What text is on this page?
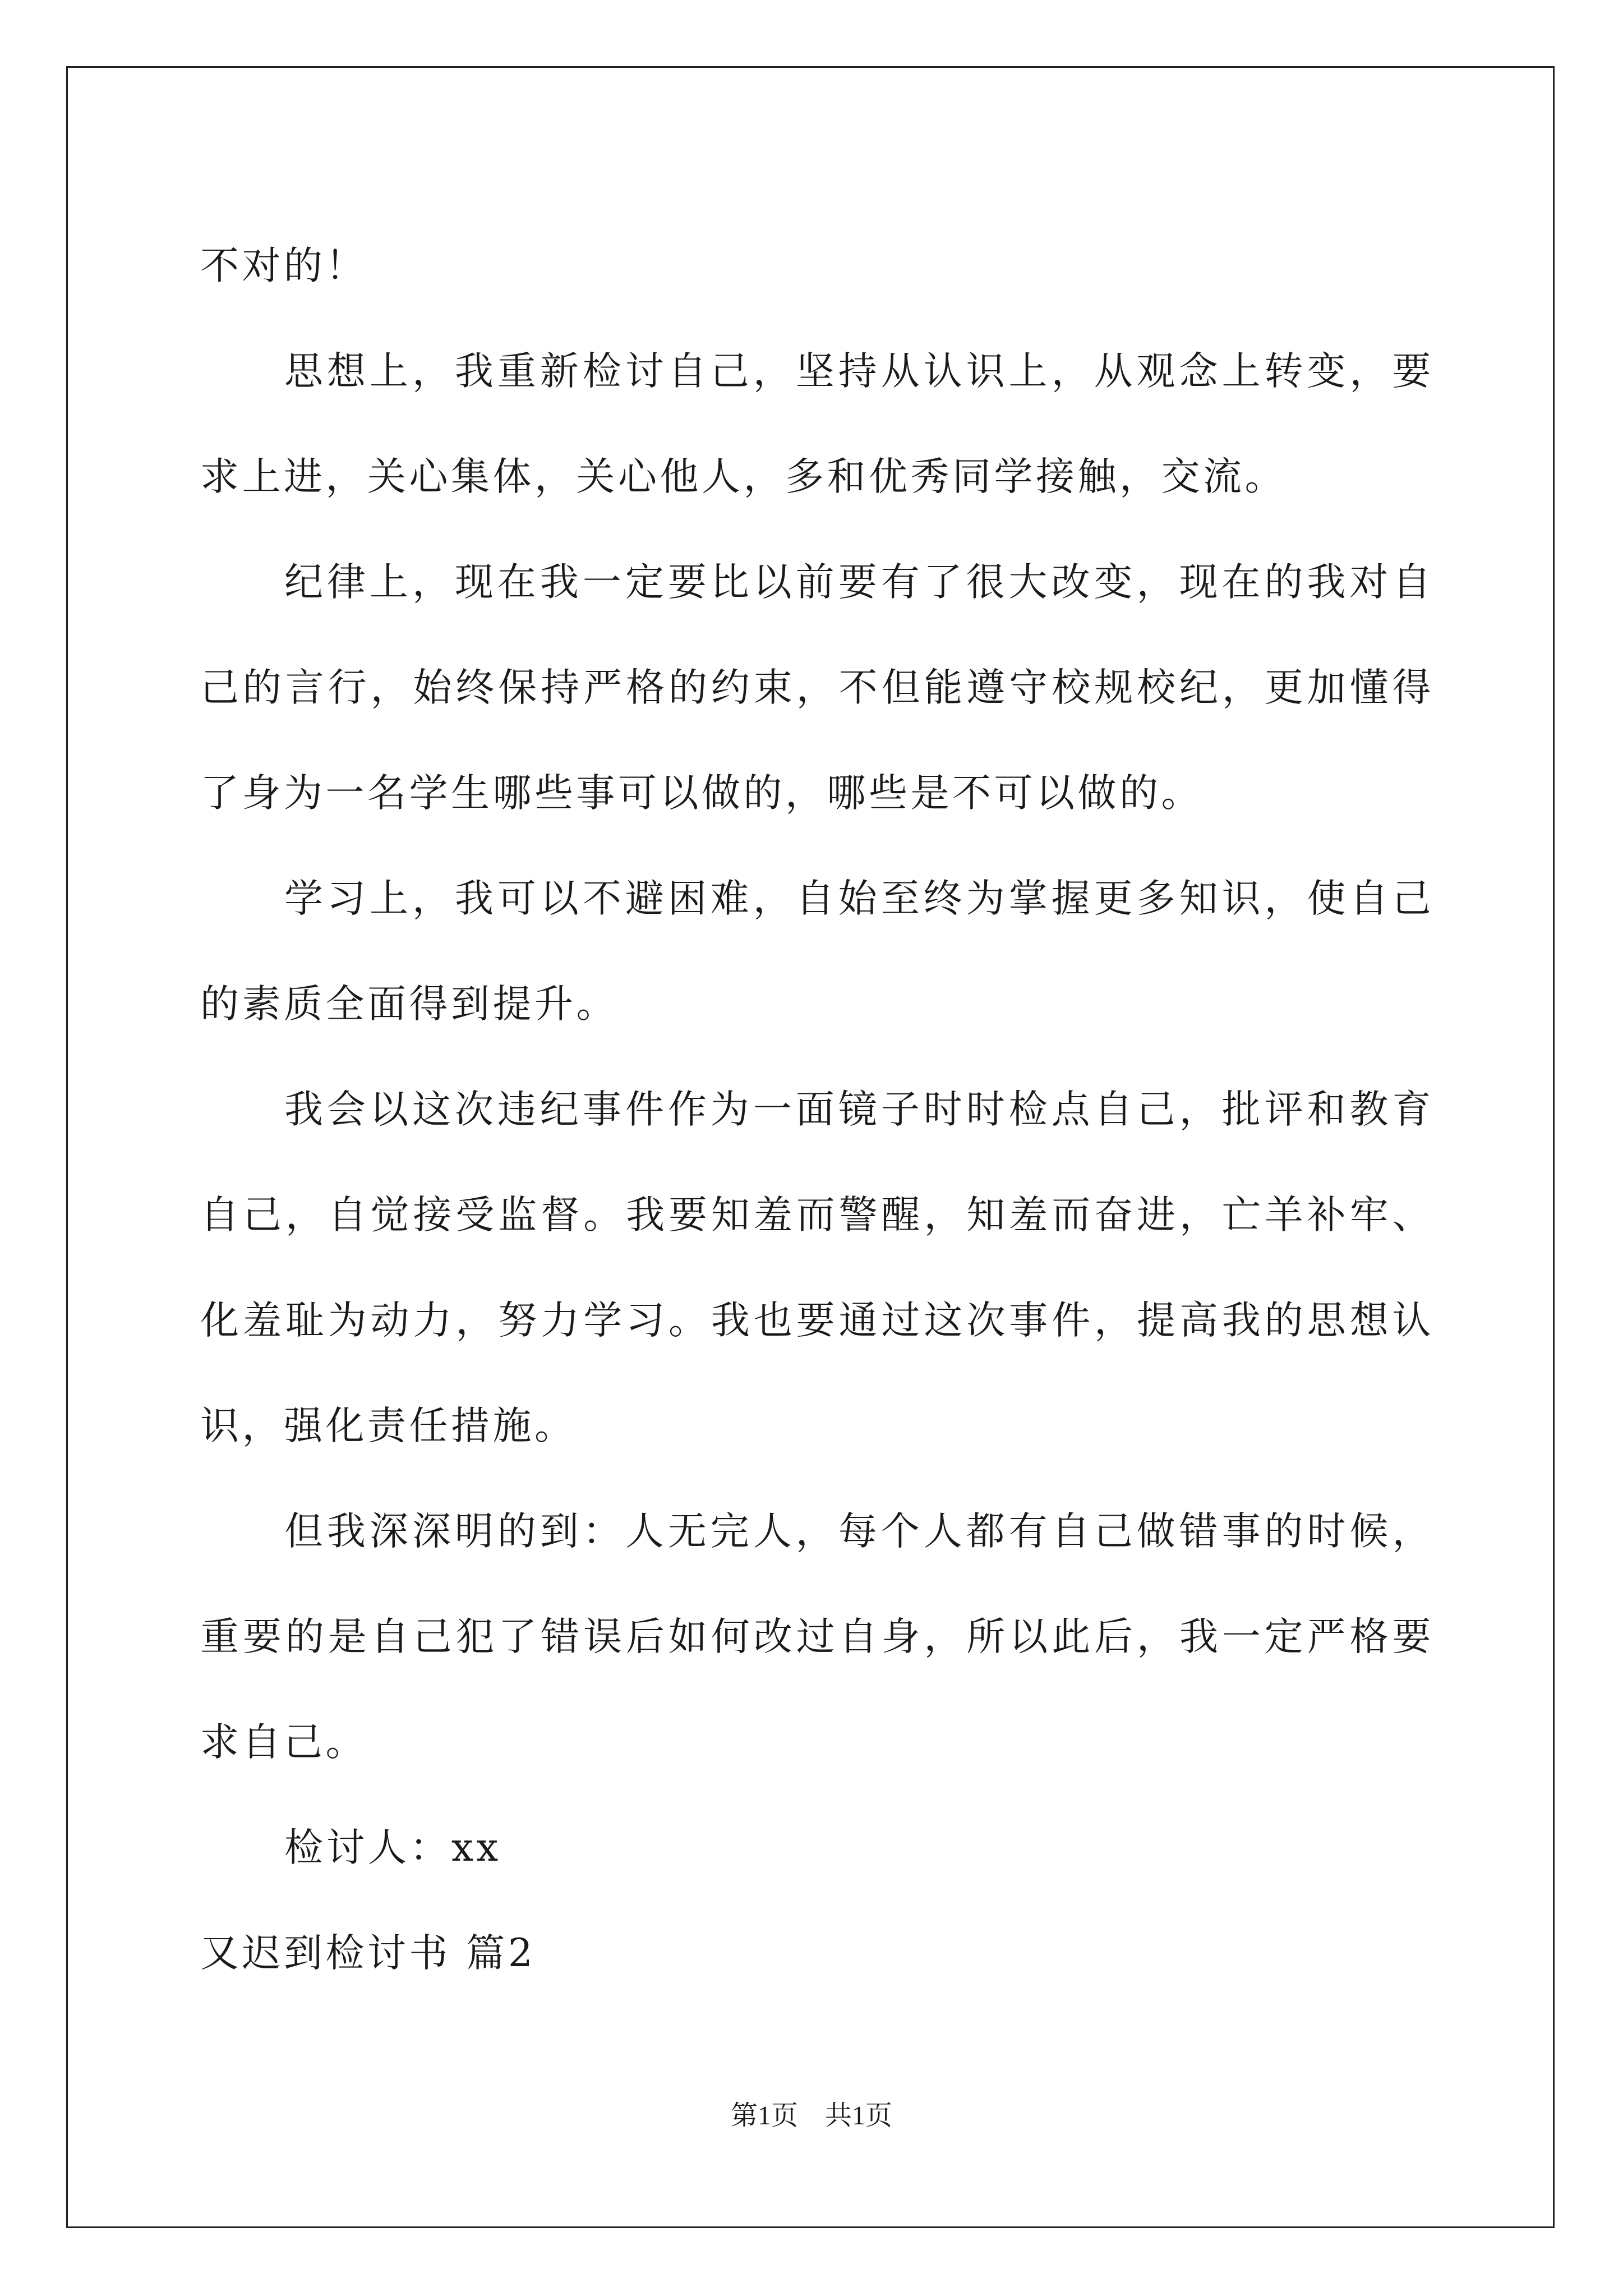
不对的！

思想上，我重新检讨自己，坚持从认识上，从观念上转变，要求上进，关心集体，关心他人，多和优秀同学接触，交流。

纪律上，现在我一定要比以前要有了很大改变，现在的我对自己的言行，始终保持严格的约束，不但能遵守校规校纪，更加懂得了身为一名学生哪些事可以做的，哪些是不可以做的。

学习上，我可以不避困难，自始至终为掌握更多知识，使自己的素质全面得到提升。

我会以这次违纪事件作为一面镜子时时检点自己，批评和教育自己，自觉接受监督。我要知羞而警醒，知羞而奋进，亡羊补牢、化羞耻为动力，努力学习。我也要通过这次事件，提高我的思想认识，强化责任措施。

但我深深明的到：人无完人，每个人都有自己做错事的时候，重要的是自己犯了错误后如何改过自身，所以此后，我一定严格要求自己。

检讨人：xx

又迟到检讨书 篇2

第1页 共1页
